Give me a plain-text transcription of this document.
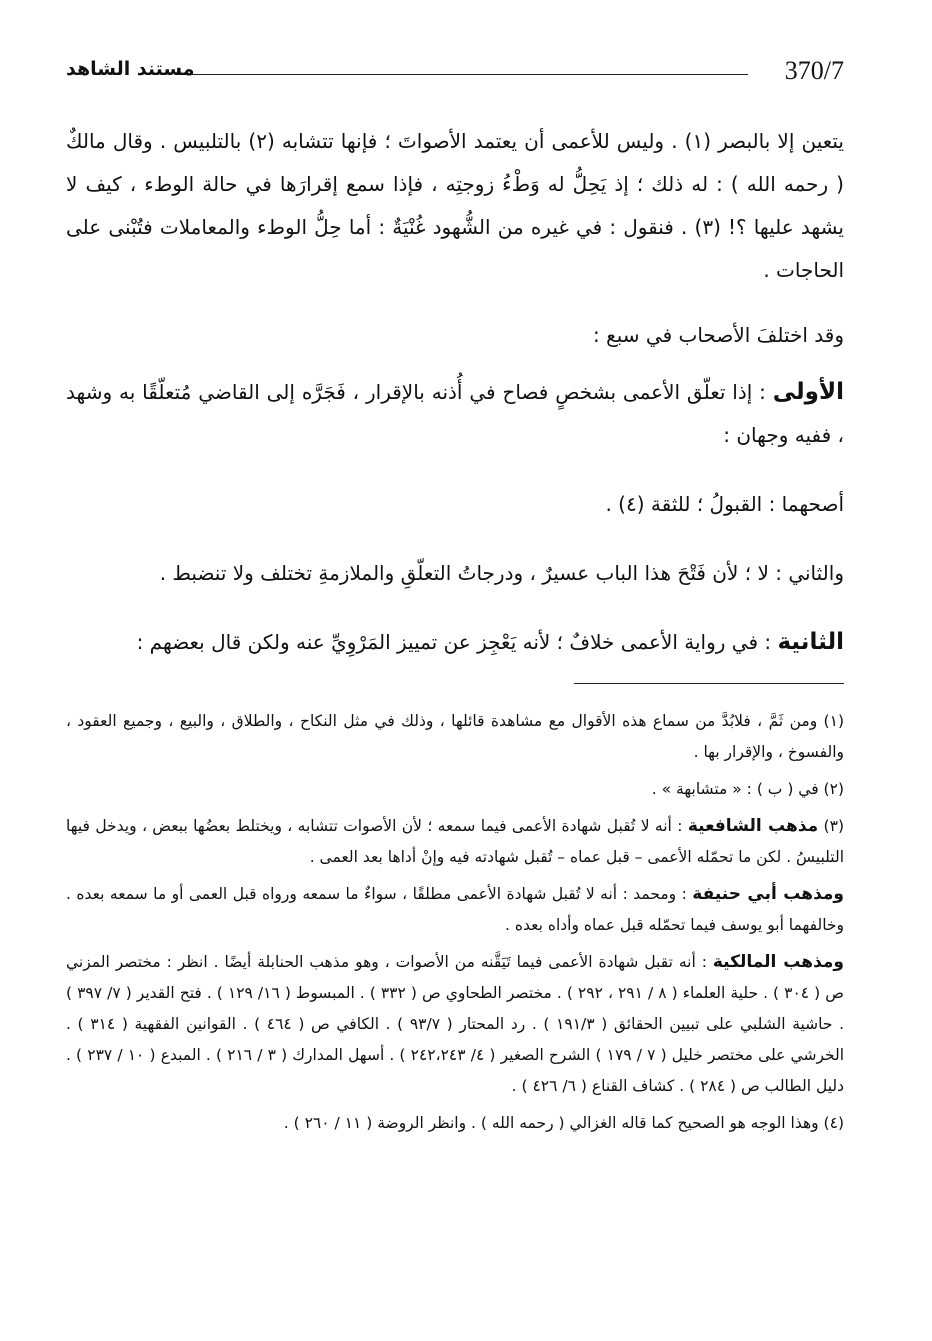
370/7
مستند الشاهد

يتعين إلا بالبصر (١) . وليس للأعمى أن يعتمد الأصواتَ ؛ فإنها تتشابه (٢) بالتلبيس . وقال مالكٌ ( رحمه الله ) : له ذلك ؛ إذ يَحِلُّ له وَطْءُ زوجتِه ، فإذا سمع إقرارَها في حالة الوطء ، كيف لا يشهد عليها ؟! (٣) . فنقول : في غيره من الشُّهود غُنْيَةٌ : أما حِلُّ الوطء والمعاملات فتُبْنى على الحاجات .

وقد اختلفَ الأصحاب في سبع :

الأولى : إذا تعلّق الأعمى بشخصٍ فصاح في أُذنه بالإقرار ، فَجَرَّه إلى القاضي مُتعلّقًا به وشهد ، ففيه وجهان :

أصحهما : القبولُ ؛ للثقة (٤) .

والثاني : لا ؛ لأن فَتْحَ هذا الباب عسيرٌ ، ودرجاتُ التعلّقِ والملازمةِ تختلف ولا تنضبط .

الثانية : في رواية الأعمى خلافٌ ؛ لأنه يَعْجِز عن تمييز المَرْوِيِّ عنه ولكن قال بعضهم :

(١) ومن ثَمَّ ، فلابُدَّ من سماع هذه الأقوال مع مشاهدة قائلها ، وذلك في مثل النكاح ، والطلاق ، والبيع ، وجميع العقود ، والفسوخ ، والإقرار بها .

(٢) في ( ب ) : « متشابهة » .

(٣) مذهب الشافعية : أنه لا تُقبل شهادة الأعمى فيما سمعه ؛ لأن الأصوات تتشابه ، ويختلط بعضُها ببعض ، ويدخل فيها التلبيسُ . لكن ما تحمّله الأعمى – قبل عماه – تُقبل شهادته فيه وإنْ أداها بعد العمى .

ومذهب أبي حنيفة : ومحمد : أنه لا تُقبل شهادة الأعمى مطلقًا ، سواءٌ ما سمعه ورواه قبل العمى أو ما سمعه بعده . وخالفهما أبو يوسف فيما تحمّله قبل عماه وأداه بعده .

ومذهب المالكية : أنه تقبل شهادة الأعمى فيما تَيَقَّنه من الأصوات ، وهو مذهب الحنابلة أيضًا . انظر : مختصر المزني ص ( ٣٠٤ ) . حلية العلماء ( ٨ / ٢٩١ ، ٢٩٢ ) . مختصر الطحاوي ص ( ٣٣٢ ) . المبسوط ( ١٦/ ١٢٩ ) . فتح القدير ( ٧/ ٣٩٧ ) . حاشية الشلبي على تبيين الحقائق ( ١٩١/٣ ) . رد المحتار ( ٩٣/٧ ) . الكافي ص ( ٤٦٤ ) . القوانين الفقهية ( ٣١٤ ) . الخرشي على مختصر خليل ( ٧ / ١٧٩ ) الشرح الصغير ( ٤/ ٢٤٢،٢٤٣ ) . أسهل المدارك ( ٣ / ٢١٦ ) . المبدع ( ١٠ / ٢٣٧ ) . دليل الطالب ص ( ٢٨٤ ) . كشاف القناع ( ٦/ ٤٢٦ ) .

(٤) وهذا الوجه هو الصحيح كما قاله الغزالي ( رحمه الله ) . وانظر الروضة ( ١١ / ٢٦٠ ) .
